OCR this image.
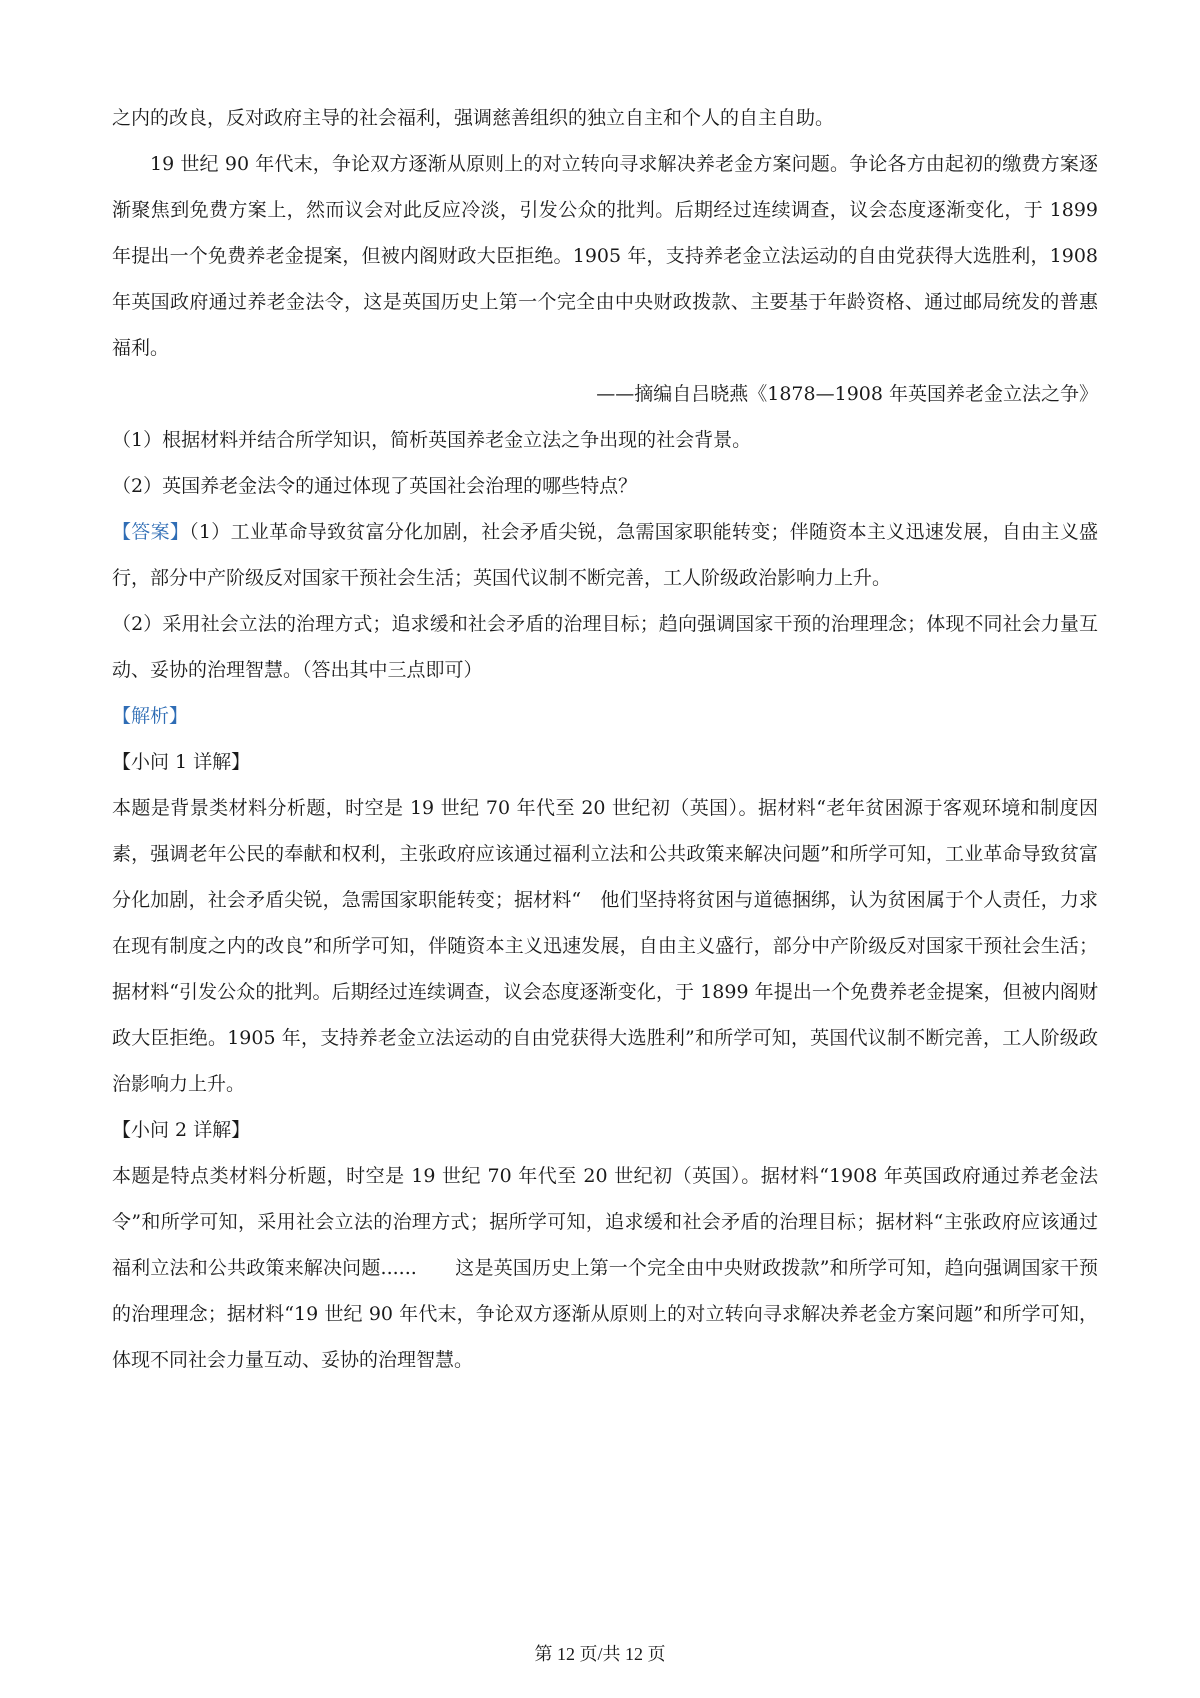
之内的改良，反对政府主导的社会福利，强调慈善组织的独立自主和个人的自主自助。

19 世纪 90 年代末，争论双方逐渐从原则上的对立转向寻求解决养老金方案问题。争论各方由起初的缴费方案逐渐聚焦到免费方案上，然而议会对此反应冷淡，引发公众的批判。后期经过连续调查，议会态度逐渐变化，于 1899 年提出一个免费养老金提案，但被内阁财政大臣拒绝。1905 年，支持养老金立法运动的自由党获得大选胜利，1908 年英国政府通过养老金法令，这是英国历史上第一个完全由中央财政拨款、主要基于年龄资格、通过邮局统发的普惠福利。

——摘编自吕晓燕《1878—1908 年英国养老金立法之争》

（1）根据材料并结合所学知识，简析英国养老金立法之争出现的社会背景。

（2）英国养老金法令的通过体现了英国社会治理的哪些特点？

【答案】（1）工业革命导致贫富分化加剧，社会矛盾尖锐，急需国家职能转变；伴随资本主义迅速发展，自由主义盛行，部分中产阶级反对国家干预社会生活；英国代议制不断完善，工人阶级政治影响力上升。

（2）采用社会立法的治理方式；追求缓和社会矛盾的治理目标；趋向强调国家干预的治理理念；体现不同社会力量互动、妥协的治理智慧。（答出其中三点即可）

【解析】

【小问 1 详解】

本题是背景类材料分析题，时空是 19 世纪 70 年代至 20 世纪初（英国）。据材料“老年贫困源于客观环境和制度因素，强调老年公民的奉献和权利，主张政府应该通过福利立法和公共政策来解决问题”和所学可知，工业革命导致贫富分化加剧，社会矛盾尖锐，急需国家职能转变；据材料“　他们坚持将贫困与道德捆绑，认为贫困属于个人责任，力求在现有制度之内的改良”和所学可知，伴随资本主义迅速发展，自由主义盛行，部分中产阶级反对国家干预社会生活；据材料“引发公众的批判。后期经过连续调查，议会态度逐渐变化，于 1899 年提出一个免费养老金提案，但被内阁财政大臣拒绝。1905 年，支持养老金立法运动的自由党获得大选胜利”和所学可知，英国代议制不断完善，工人阶级政治影响力上升。

【小问 2 详解】

本题是特点类材料分析题，时空是 19 世纪 70 年代至 20 世纪初（英国）。据材料“1908 年英国政府通过养老金法令”和所学可知，采用社会立法的治理方式；据所学可知，追求缓和社会矛盾的治理目标；据材料“主张政府应该通过福利立法和公共政策来解决问题......　　这是英国历史上第一个完全由中央财政拨款”和所学可知，趋向强调国家干预的治理理念；据材料“19 世纪 90 年代末，争论双方逐渐从原则上的对立转向寻求解决养老金方案问题”和所学可知，体现不同社会力量互动、妥协的治理智慧。

第 12 页/共 12 页
